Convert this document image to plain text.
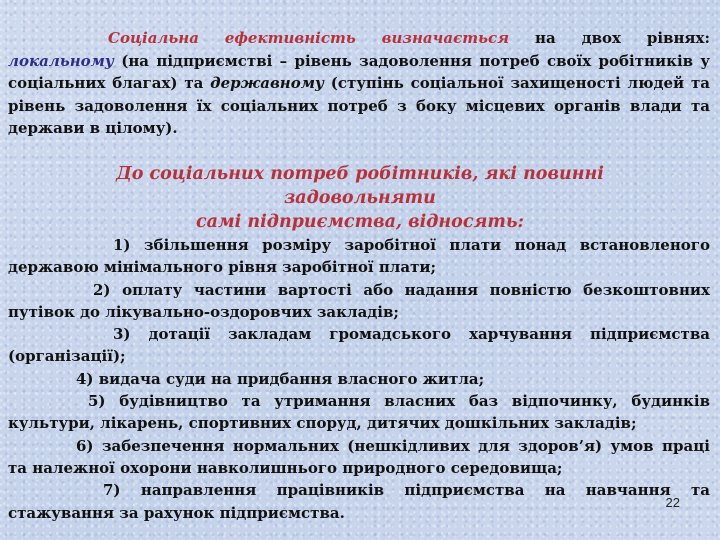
Соціальна ефективність визначається на двох рівнях: локальному (на підприємстві – рівень задоволення потреб своїх робітників у соціальних благах) та державному (ступінь соціальної захищеності людей та рівень задоволення їх соціальних потреб з боку місцевих органів влади та держави в цілому).

До соціальних потреб робітників, які повинні задовольняти
самі підприємства, відносять:

1) збільшення розміру заробітної плати понад встановленого державою мінімального рівня заробітної плати;
2) оплату частини вартості або надання повністю безкоштовних путівок до лікувально-оздоровчих закладів;
3) дотації закладам громадського харчування підприємства (організації);
4) видача суди на придбання власного житла;
5) будівництво та утримання власних баз відпочинку, будинків культури, лікарень, спортивних споруд, дитячих дошкільних закладів;
6) забезпечення нормальних (нешкідливих для здоров’я) умов праці та належної охорони навколишнього природного середовища;
7) направлення працівників підприємства на навчання та стажування за рахунок підприємства.
22
